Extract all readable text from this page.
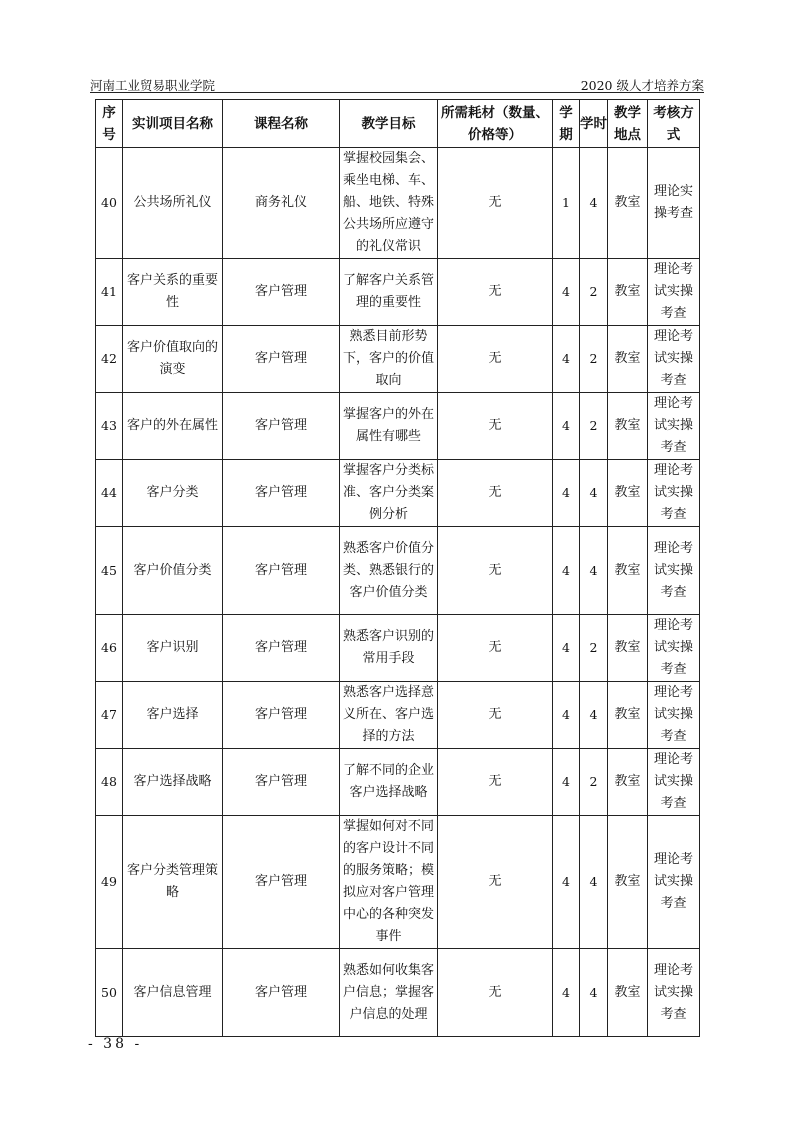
河南工业贸易职业学院	2020 级人才培养方案
序号	实训项目名称	课程名称	教学目标	所需耗材（数量、价格等）	学期	学时	教学地点	考核方式
40	公共场所礼仪	商务礼仪	掌握校园集会、乘坐电梯、车、船、地铁、特殊公共场所应遵守的礼仪常识	无	1	4	教室	理论实操考查
41	客户关系的重要性	客户管理	了解客户关系管理的重要性	无	4	2	教室	理论考试实操考查
42	客户价值取向的演变	客户管理	熟悉目前形势下，客户的价值取向	无	4	2	教室	理论考试实操考查
43	客户的外在属性	客户管理	掌握客户的外在属性有哪些	无	4	2	教室	理论考试实操考查
44	客户分类	客户管理	掌握客户分类标准、客户分类案例分析	无	4	4	教室	理论考试实操考查
45	客户价值分类	客户管理	熟悉客户价值分类、熟悉银行的客户价值分类	无	4	4	教室	理论考试实操考查
46	客户识别	客户管理	熟悉客户识别的常用手段	无	4	2	教室	理论考试实操考查
47	客户选择	客户管理	熟悉客户选择意义所在、客户选择的方法	无	4	4	教室	理论考试实操考查
48	客户选择战略	客户管理	了解不同的企业客户选择战略	无	4	2	教室	理论考试实操考查
49	客户分类管理策略	客户管理	掌握如何对不同的客户设计不同的服务策略；模拟应对客户管理中心的各种突发事件	无	4	4	教室	理论考试实操考查
50	客户信息管理	客户管理	熟悉如何收集客户信息；掌握客户信息的处理	无	4	4	教室	理论考试实操考查
- 38 -
